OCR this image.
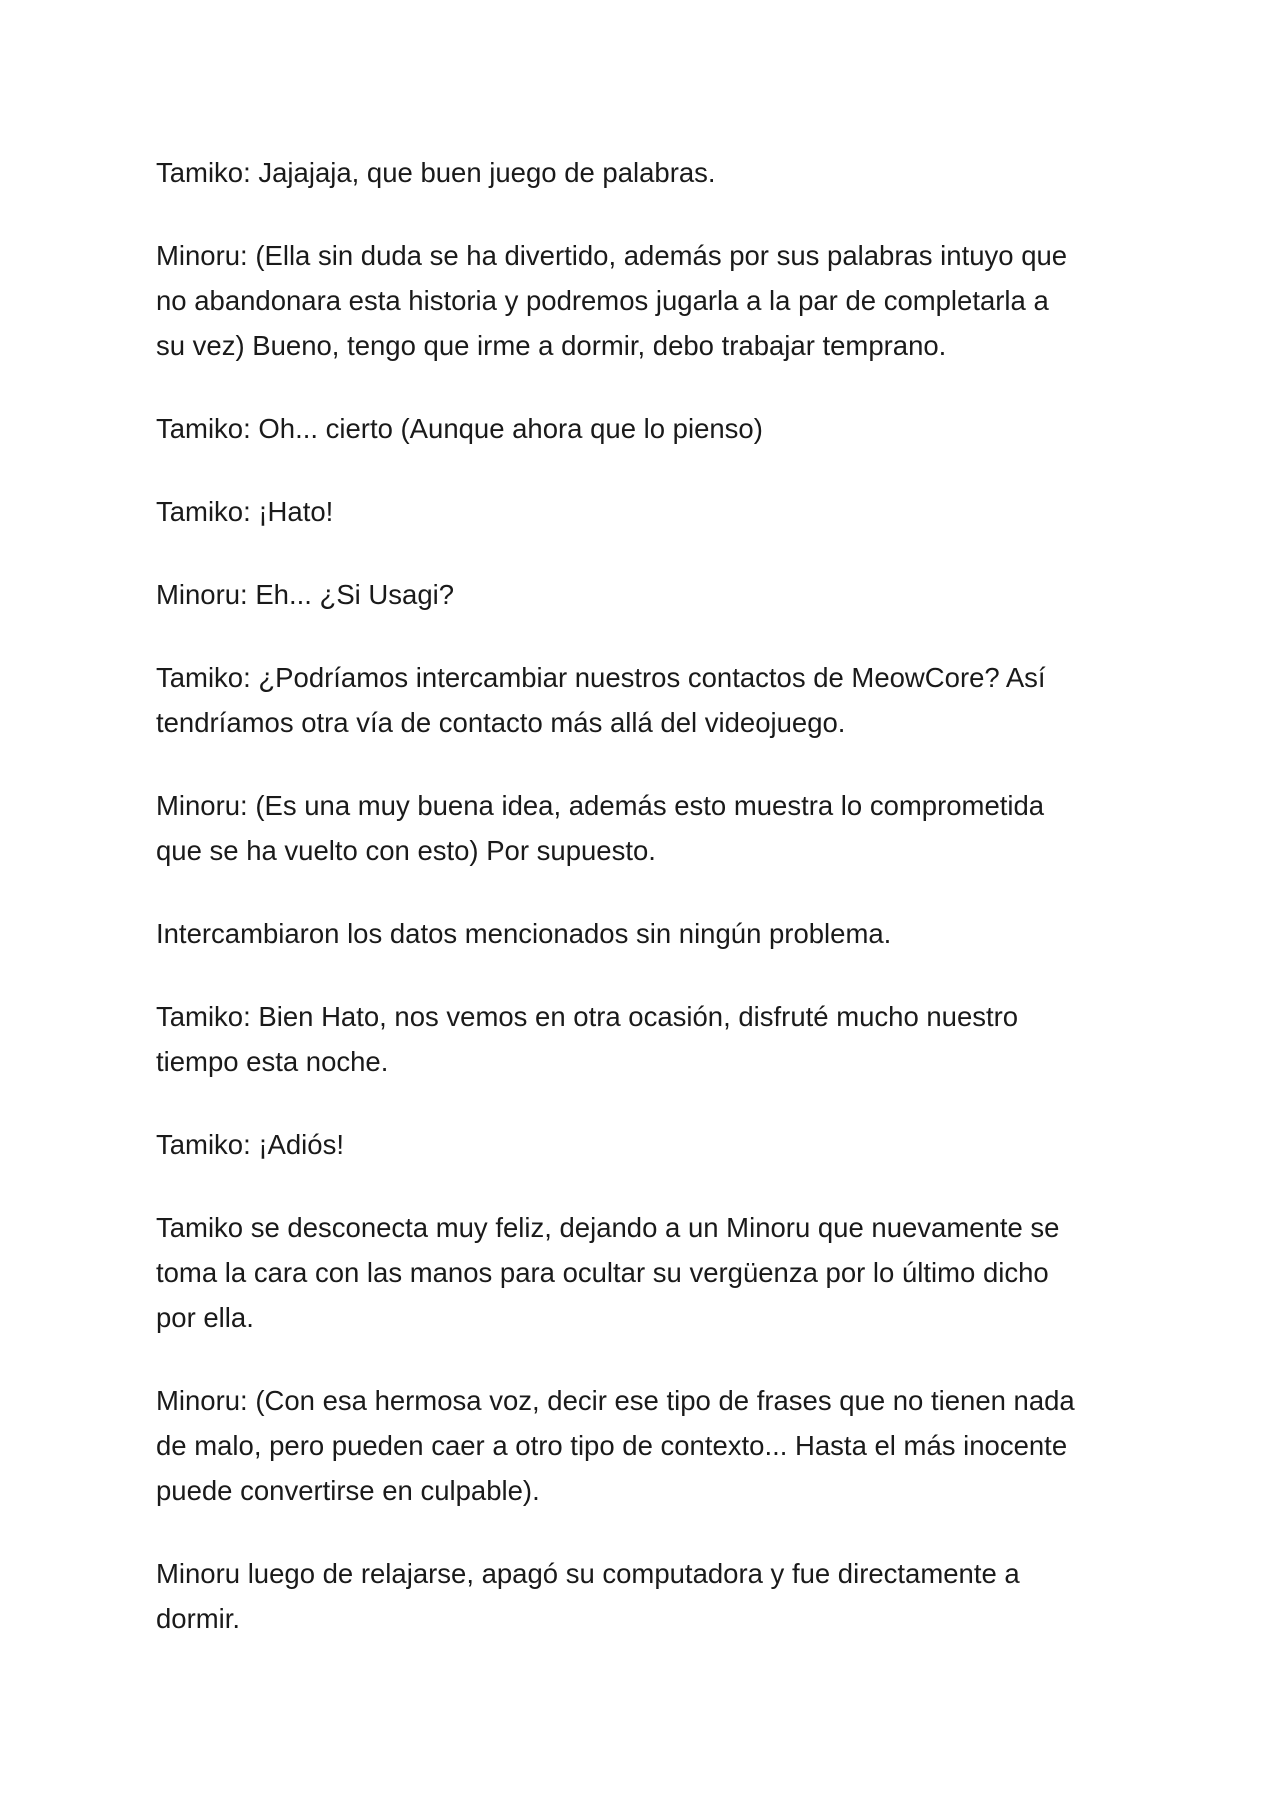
Tamiko: Jajajaja, que buen juego de palabras.

Minoru: (Ella sin duda se ha divertido, además por sus palabras intuyo que
no abandonara esta historia y podremos jugarla a la par de completarla a
su vez) Bueno, tengo que irme a dormir, debo trabajar temprano.

Tamiko: Oh... cierto (Aunque ahora que lo pienso)

Tamiko: ¡Hato!

Minoru: Eh... ¿Si Usagi?

Tamiko: ¿Podríamos intercambiar nuestros contactos de MeowCore? Así
tendríamos otra vía de contacto más allá del videojuego.

Minoru: (Es una muy buena idea, además esto muestra lo comprometida
que se ha vuelto con esto) Por supuesto.

Intercambiaron los datos mencionados sin ningún problema.

Tamiko: Bien Hato, nos vemos en otra ocasión, disfruté mucho nuestro
tiempo esta noche.

Tamiko: ¡Adiós!

Tamiko se desconecta muy feliz, dejando a un Minoru que nuevamente se
toma la cara con las manos para ocultar su vergüenza por lo último dicho
por ella.

Minoru: (Con esa hermosa voz, decir ese tipo de frases que no tienen nada
de malo, pero pueden caer a otro tipo de contexto... Hasta el más inocente
puede convertirse en culpable).

Minoru luego de relajarse, apagó su computadora y fue directamente a
dormir.
